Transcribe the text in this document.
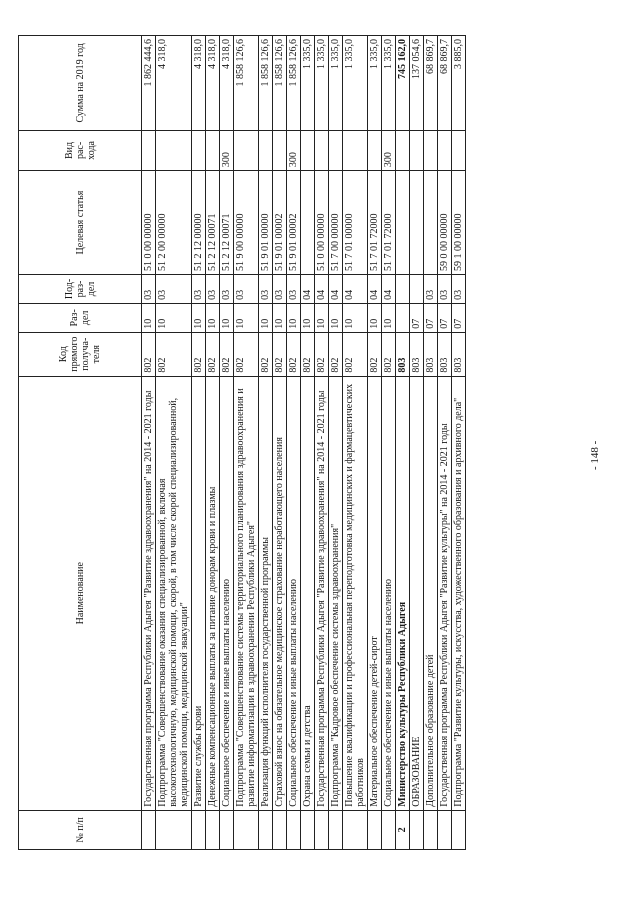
- 148 -
№ п/п	Наименование	Код прямого получа-теля	Раз-дел	Под-раз-дел	Целевая статья	Вид рас-хода	Сумма на 2019 год
	Государственная программа Республики Адыгея "Развитие здравоохранения" на 2014 - 2021 годы	802	10	03	51 0 00 00000		1 862 444,6
	Подпрограмма "Совершенствование оказания специализированной, включая высокотехнологичную, медицинской помощи, скорой, в том числе скорой специализированной, медицинской помощи, медицинской эвакуации"	802	10	03	51 2 00 00000		4 318,0
	Развитие службы крови	802	10	03	51 2 12 00000		4 318,0
	Денежные компенсационные выплаты за питание донорам крови и плазмы	802	10	03	51 2 12 00071		4 318,0
	Социальное обеспечение и иные выплаты населению	802	10	03	51 2 12 00071	300	4 318,0
	Подпрограмма "Совершенствование системы территориального планирования здравоохранения и развитие информатизации в здравоохранении Республики Адыгея"	802	10	03	51 9 00 00000		1 858 126,6
	Реализация функций исполнителя государственной программы	802	10	03	51 9 01 00000		1 858 126,6
	Страховой взнос на обязательное медицинское страхование неработающего населения	802	10	03	51 9 01 00002		1 858 126,6
	Социальное обеспечение и иные выплаты населению	802	10	03	51 9 01 00002	300	1 858 126,6
	Охрана семьи и детства	802	10	04			1 335,0
	Государственная программа Республики Адыгея "Развитие здравоохранения" на 2014 - 2021 годы	802	10	04	51 0 00 00000		1 335,0
	Подпрограмма "Кадровое обеспечение системы здравоохранения"	802	10	04	51 7 00 00000		1 335,0
	Повышение квалификации и профессиональная переподготовка медицинских и фармацевтических работников	802	10	04	51 7 01 00000		1 335,0
	Материальное обеспечение детей-сирот	802	10	04	51 7 01 72000		1 335,0
	Социальное обеспечение и иные выплаты населению	802	10	04	51 7 01 72000	300	1 335,0
2	Министерство культуры Республики Адыгея	803					745 162,0
	ОБРАЗОВАНИЕ	803	07				137 054,6
	Дополнительное образование детей	803	07	03			68 869,7
	Государственная программа Республики Адыгея "Развитие культуры" на 2014 - 2021 годы	803	07	03	59 0 00 00000		68 869,7
	Подпрограмма "Развитие культуры, искусства, художественного образования и архивного дела"	803	07	03	59 1 00 00000		3 885,0
